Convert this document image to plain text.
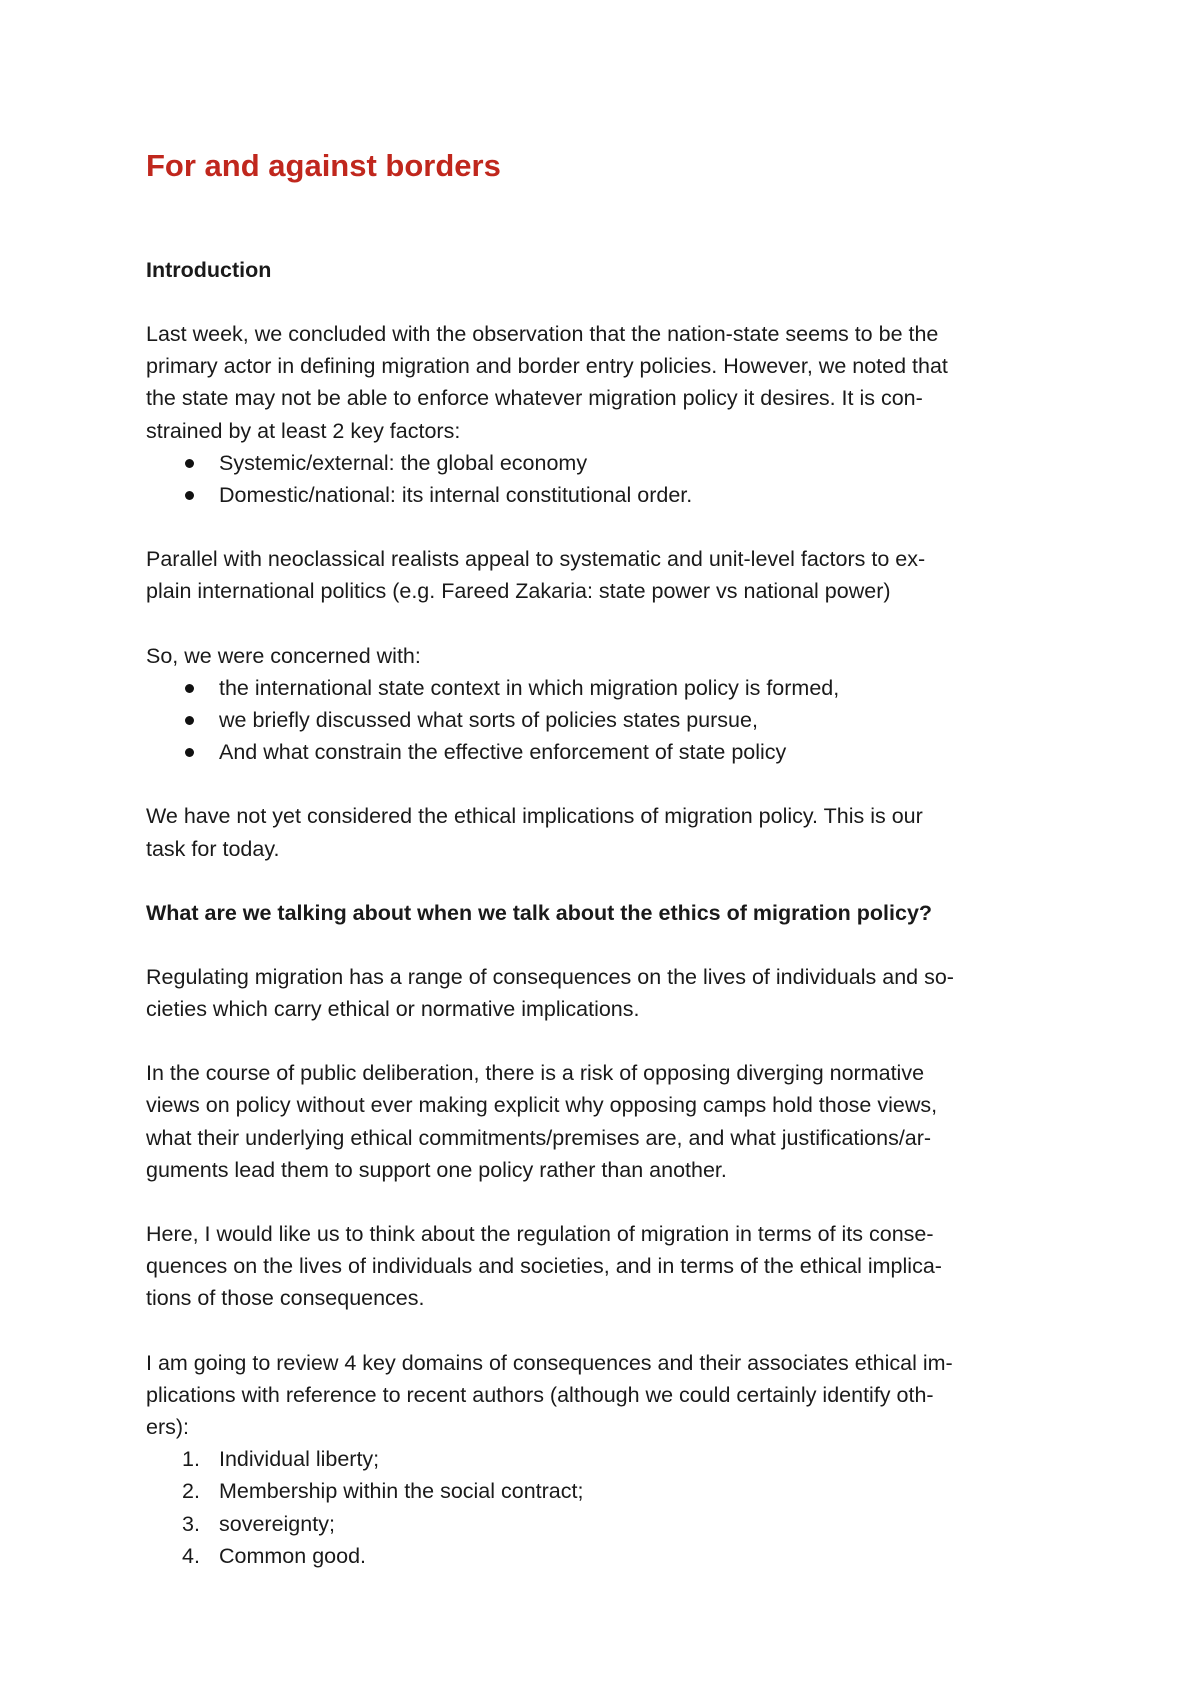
For and against borders
Introduction
Last week, we concluded with the observation that the nation-state seems to be the
primary actor in defining migration and border entry policies. However, we noted that
the state may not be able to enforce whatever migration policy it desires. It is con-
strained by at least 2 key factors:
Systemic/external: the global economy
Domestic/national: its internal constitutional order.
Parallel with neoclassical realists appeal to systematic and unit-level factors to ex-
plain international politics (e.g. Fareed Zakaria: state power vs national power)
So, we were concerned with:
the international state context in which migration policy is formed,
we briefly discussed what sorts of policies states pursue,
And what constrain the effective enforcement of state policy
We have not yet considered the ethical implications of migration policy. This is our
task for today.
What are we talking about when we talk about the ethics of migration policy?
Regulating migration has a range of consequences on the lives of individuals and so-
cieties which carry ethical or normative implications.
In the course of public deliberation, there is a risk of opposing diverging normative
views on policy without ever making explicit why opposing camps hold those views,
what their underlying ethical commitments/premises are, and what justifications/ar-
guments lead them to support one policy rather than another.
Here, I would like us to think about the regulation of migration in terms of its conse-
quences on the lives of individuals and societies, and in terms of the ethical implica-
tions of those consequences.
I am going to review 4 key domains of consequences and their associates ethical im-
plications with reference to recent authors (although we could certainly identify oth-
ers):
1. Individual liberty;
2. Membership within the social contract;
3. sovereignty;
4. Common good.
